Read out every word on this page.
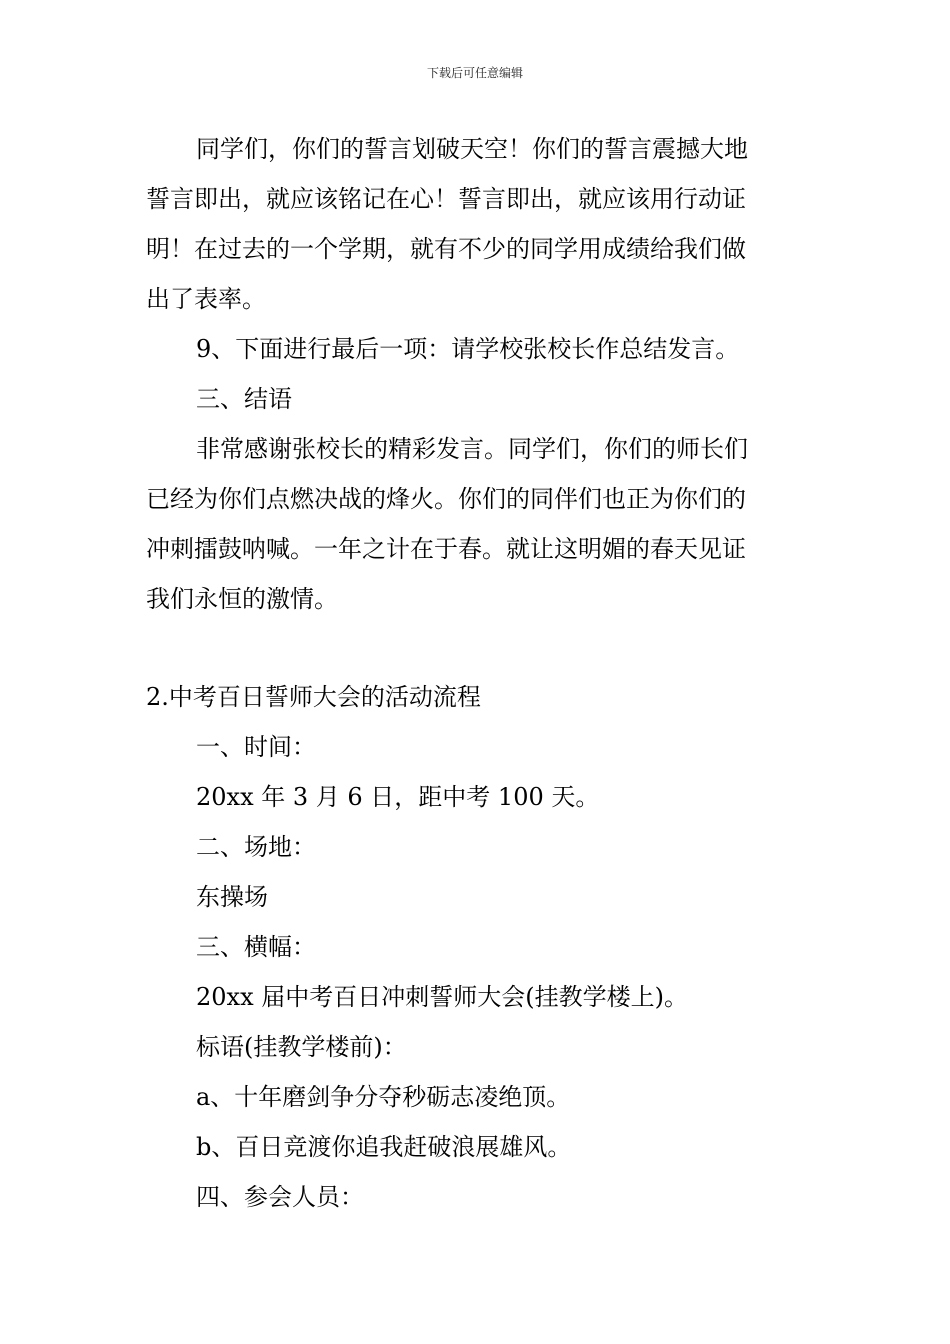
下载后可任意编辑
同学们，你们的誓言划破天空！你们的誓言震撼大地
誓言即出，就应该铭记在心！誓言即出，就应该用行动证
明！在过去的一个学期，就有不少的同学用成绩给我们做
出了表率。
9、下面进行最后一项：请学校张校长作总结发言。
三、结语
非常感谢张校长的精彩发言。同学们，你们的师长们
已经为你们点燃决战的烽火。你们的同伴们也正为你们的
冲刺擂鼓呐喊。一年之计在于春。就让这明媚的春天见证
我们永恒的激情。
2.中考百日誓师大会的活动流程
一、时间：
20xx 年 3 月 6 日，距中考 100 天。
二、场地：
东操场
三、横幅：
20xx 届中考百日冲刺誓师大会(挂教学楼上)。
标语(挂教学楼前)：
a、十年磨剑争分夺秒砺志凌绝顶。
b、百日竞渡你追我赶破浪展雄风。
四、参会人员：
